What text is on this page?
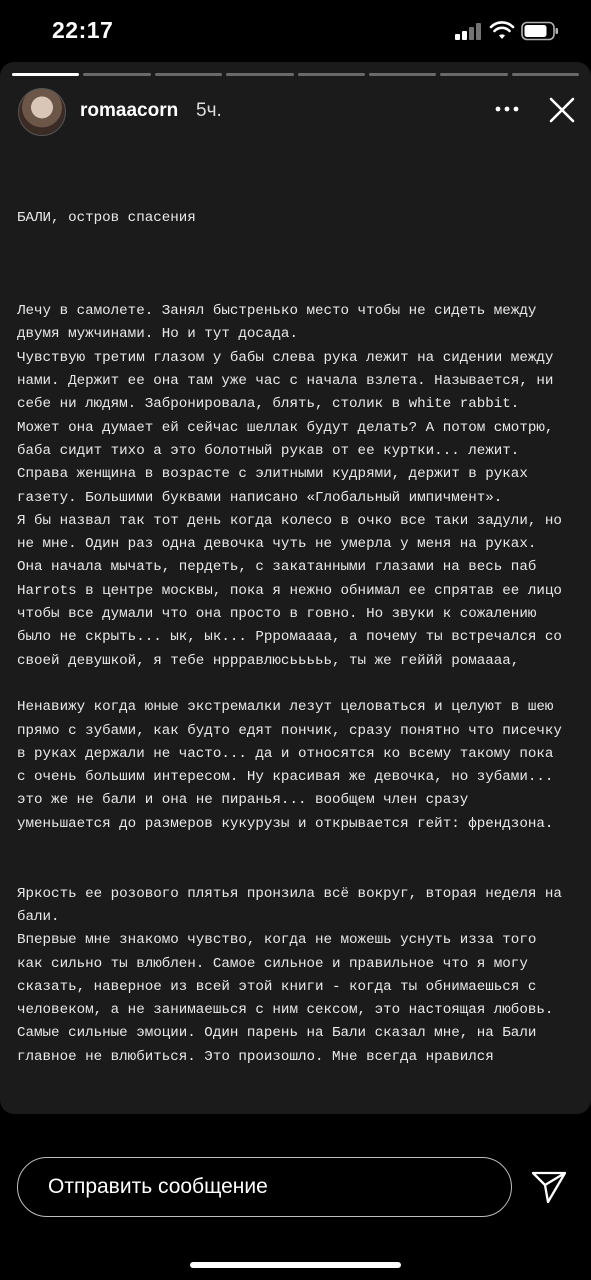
22:17
romaacorn 5ч.
БАЛИ, остров спасения

Лечу в самолете. Занял быстренько место чтобы не сидеть между
двумя мужчинами. Но и тут досада.
Чувствую третим глазом у бабы слева рука лежит на сидении между
нами. Держит ее она там уже час с начала взлета. Называется, ни
себе ни людям. Забронировала, блять, столик в white rabbit.
Может она думает ей сейчас шеллак будут делать? А потом смотрю,
баба сидит тихо а это болотный рукав от ее куртки... лежит.
Справа женщина в возрасте с элитными кудрями, держит в руках
газету. Большими буквами написано «Глобальный импичмент».
Я бы назвал так тот день когда колесо в очко все таки задули, но
не мне. Один раз одна девочка чуть не умерла у меня на руках.
Она начала мычать, пердеть, с закатанными глазами на весь паб
Harrots в центре москвы, пока я нежно обнимал ее спрятав ее лицо
чтобы все думали что она просто в говно. Но звуки к сожалению
было не скрыть... ык, ык... Ррромаааа, а почему ты встречался со
своей девушкой, я тебе нррравлюсььььь, ты же геййй ромаааа,

Ненавижу когда юные экстремалки лезут целоваться и целуют в шею
прямо с зубами, как будто едят пончик, сразу понятно что писечку
в руках держали не часто... да и относятся ко всему такому пока
с очень большим интересом. Ну красивая же девочка, но зубами...
это же не бали и она не пиранья... вообщем член сразу
уменьшается до размеров кукурузы и открывается гейт: френдзона.

Яркость ее розового плятья пронзила всё вокруг, вторая неделя на
бали.
Впервые мне знакомо чувство, когда не можешь уснуть изза того
как сильно ты влюблен. Самое сильное и правильное что я могу
сказать, наверное из всей этой книги - когда ты обнимаешься с
человеком, а не занимаешься с ним сексом, это настоящая любовь.
Самые сильные эмоции. Один парень на Бали сказал мне, на Бали
главное не влюбиться. Это произошло. Мне всегда нравился
Отправить сообщение
